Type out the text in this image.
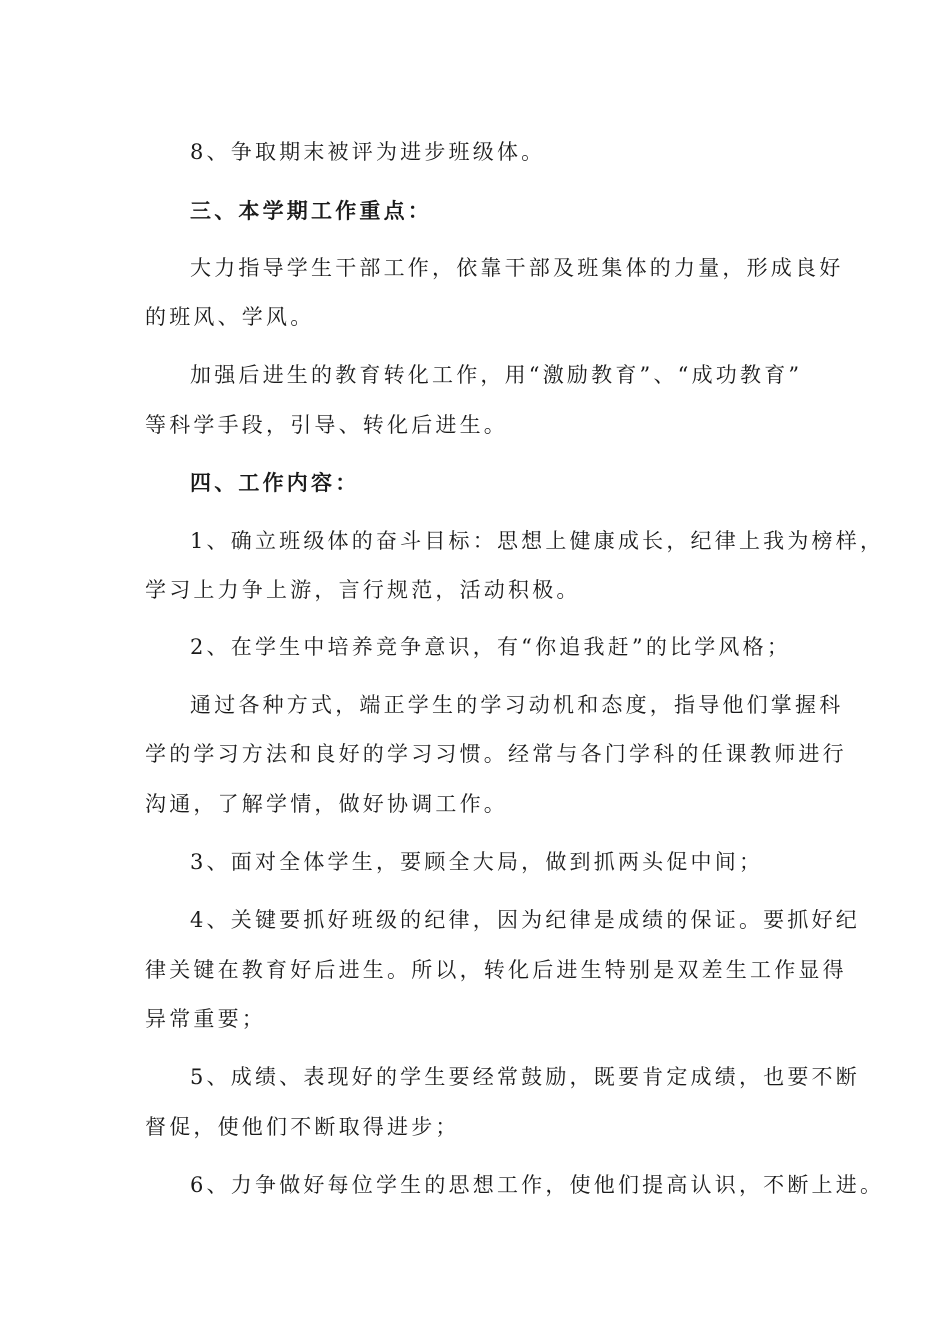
8、争取期末被评为进步班级体。
三、本学期工作重点：
大力指导学生干部工作，依靠干部及班集体的力量，形成良好
的班风、学风。
加强后进生的教育转化工作，用“激励教育”、“成功教育”
等科学手段，引导、转化后进生。
四、工作内容：
1、确立班级体的奋斗目标：思想上健康成长，纪律上我为榜样，
学习上力争上游，言行规范，活动积极。
2、在学生中培养竞争意识，有“你追我赶”的比学风格；
通过各种方式，端正学生的学习动机和态度，指导他们掌握科
学的学习方法和良好的学习习惯。经常与各门学科的任课教师进行
沟通，了解学情，做好协调工作。
3、面对全体学生，要顾全大局，做到抓两头促中间；
4、关键要抓好班级的纪律，因为纪律是成绩的保证。要抓好纪
律关键在教育好后进生。所以，转化后进生特别是双差生工作显得
异常重要；
5、成绩、表现好的学生要经常鼓励，既要肯定成绩，也要不断
督促，使他们不断取得进步；
6、力争做好每位学生的思想工作，使他们提高认识，不断上进。
